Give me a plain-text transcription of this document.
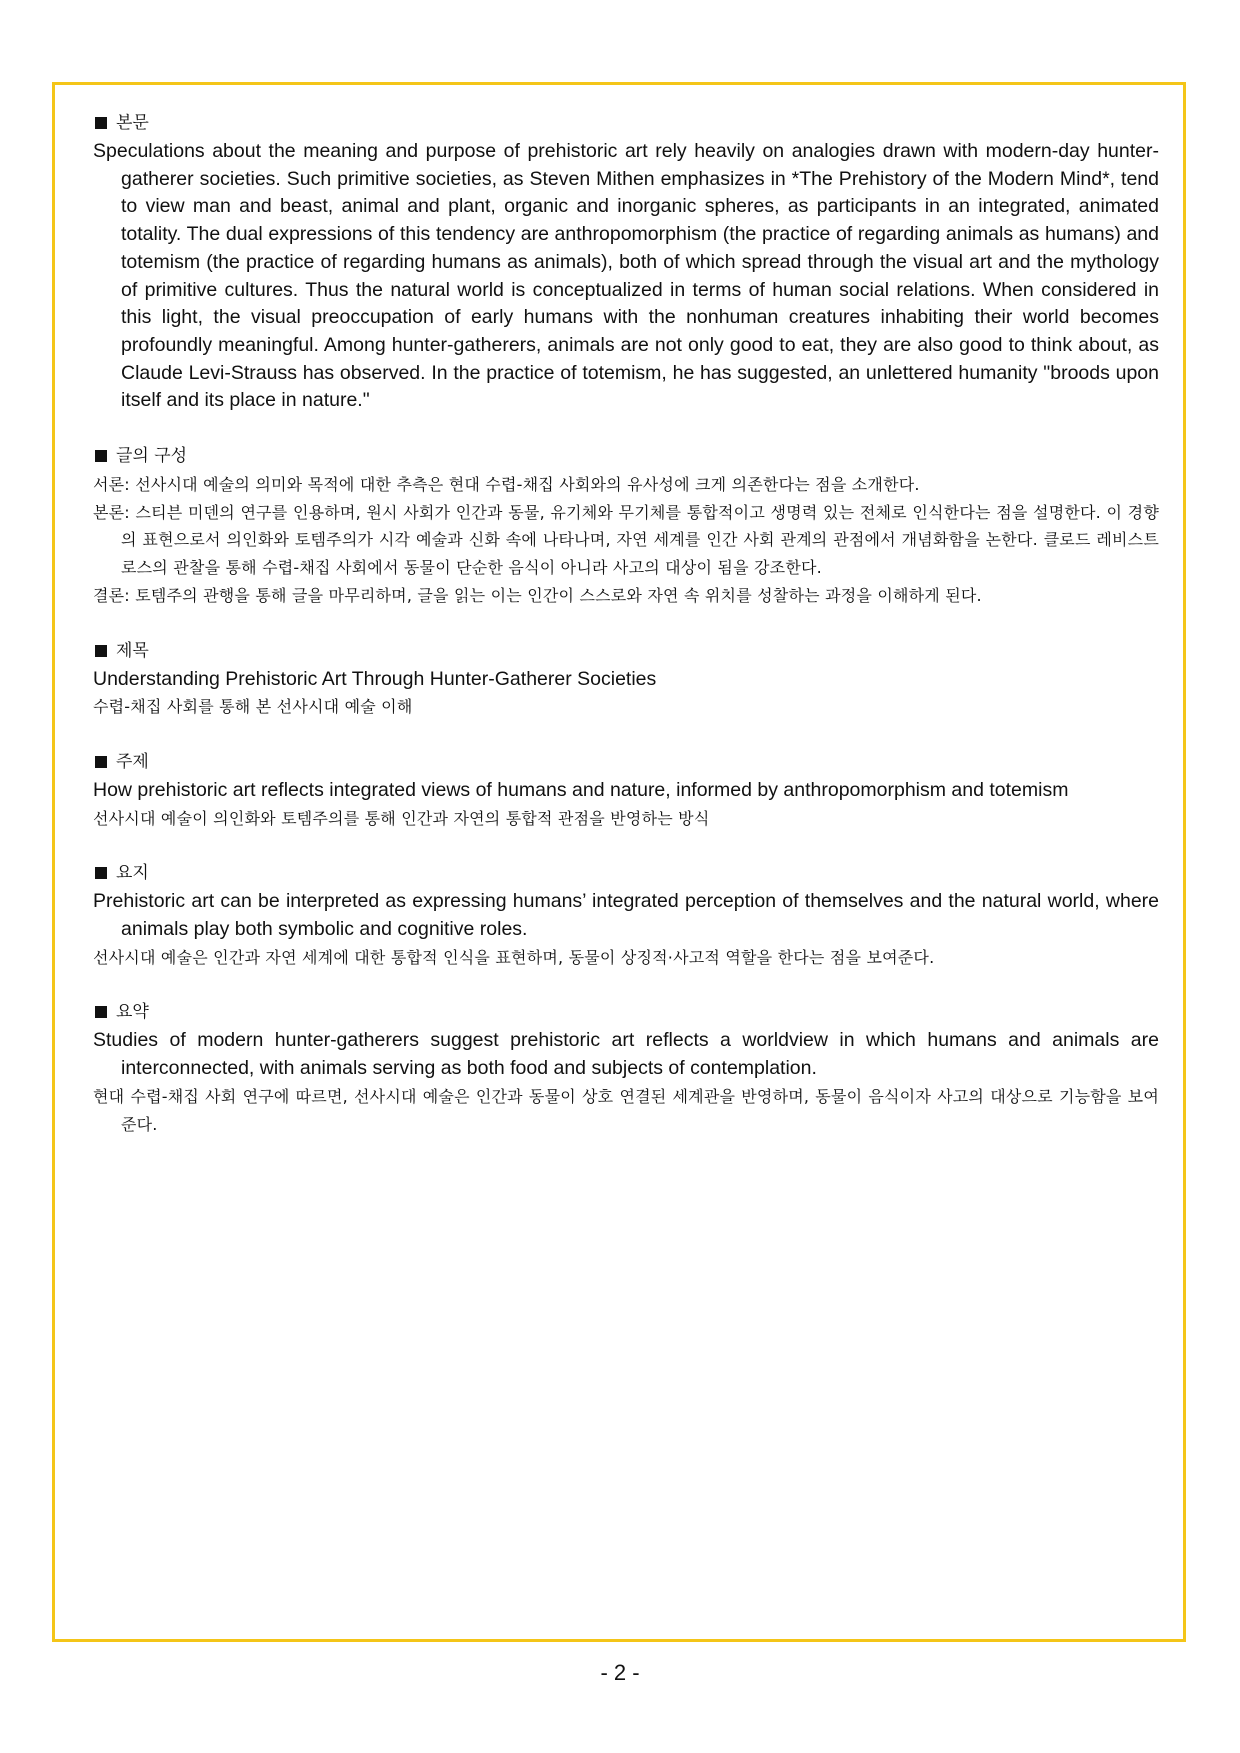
본문

Speculations about the meaning and purpose of prehistoric art rely heavily on analogies drawn with modern-day hunter-gatherer societies. Such primitive societies, as Steven Mithen emphasizes in *The Prehistory of the Modern Mind*, tend to view man and beast, animal and plant, organic and inorganic spheres, as participants in an integrated, animated totality. The dual expressions of this tendency are anthropomorphism (the practice of regarding animals as humans) and totemism (the practice of regarding humans as animals), both of which spread through the visual art and the mythology of primitive cultures. Thus the natural world is conceptualized in terms of human social relations. When considered in this light, the visual preoccupation of early humans with the nonhuman creatures inhabiting their world becomes profoundly meaningful. Among hunter-gatherers, animals are not only good to eat, they are also good to think about, as Claude Levi-Strauss has observed. In the practice of totemism, he has suggested, an unlettered humanity "broods upon itself and its place in nature."

글의 구성

서론: 선사시대 예술의 의미와 목적에 대한 추측은 현대 수렵-채집 사회와의 유사성에 크게 의존한다는 점을 소개한다.

본론: 스티븐 미덴의 연구를 인용하며, 원시 사회가 인간과 동물, 유기체와 무기체를 통합적이고 생명력 있는 전체로 인식한다는 점을 설명한다. 이 경향의 표현으로서 의인화와 토템주의가 시각 예술과 신화 속에 나타나며, 자연 세계를 인간 사회 관계의 관점에서 개념화함을 논한다. 클로드 레비스트로스의 관찰을 통해 수렵-채집 사회에서 동물이 단순한 음식이 아니라 사고의 대상이 됨을 강조한다.

결론: 토템주의 관행을 통해 글을 마무리하며, 글을 읽는 이는 인간이 스스로와 자연 속 위치를 성찰하는 과정을 이해하게 된다.

제목

Understanding Prehistoric Art Through Hunter-Gatherer Societies

수렵-채집 사회를 통해 본 선사시대 예술 이해

주제

How prehistoric art reflects integrated views of humans and nature, informed by anthropomorphism and totemism

선사시대 예술이 의인화와 토템주의를 통해 인간과 자연의 통합적 관점을 반영하는 방식

요지

Prehistoric art can be interpreted as expressing humans’ integrated perception of themselves and the natural world, where animals play both symbolic and cognitive roles.

선사시대 예술은 인간과 자연 세계에 대한 통합적 인식을 표현하며, 동물이 상징적·사고적 역할을 한다는 점을 보여준다.

요약

Studies of modern hunter-gatherers suggest prehistoric art reflects a worldview in which humans and animals are interconnected, with animals serving as both food and subjects of contemplation.

현대 수렵-채집 사회 연구에 따르면, 선사시대 예술은 인간과 동물이 상호 연결된 세계관을 반영하며, 동물이 음식이자 사고의 대상으로 기능함을 보여준다.

- 2 -
